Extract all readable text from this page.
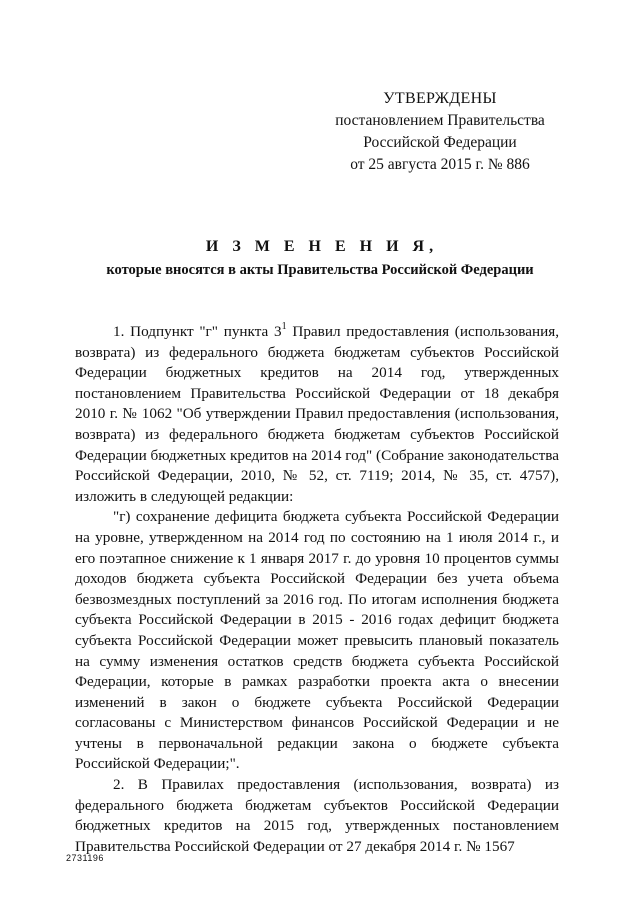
УТВЕРЖДЕНЫ
постановлением Правительства
Российской Федерации
от 25 августа 2015 г. № 886
И З М Е Н Е Н И Я,
которые вносятся в акты Правительства Российской Федерации

1. Подпункт "г" пункта $3^1$ Правил предоставления (использования, возврата) из федерального бюджета бюджетам субъектов Российской Федерации бюджетных кредитов на 2014 год, утвержденных постановлением Правительства Российской Федерации от 18 декабря 2010 г. № 1062 "Об утверждении Правил предоставления (использования, возврата) из федерального бюджета бюджетам субъектов Российской Федерации бюджетных кредитов на 2014 год" (Собрание законодательства Российской Федерации, 2010, № 52, ст. 7119; 2014, № 35, ст. 4757), изложить в следующей редакции:

"г) сохранение дефицита бюджета субъекта Российской Федерации на уровне, утвержденном на 2014 год по состоянию на 1 июля 2014 г., и его поэтапное снижение к 1 января 2017 г. до уровня 10 процентов суммы доходов бюджета субъекта Российской Федерации без учета объема безвозмездных поступлений за 2016 год. По итогам исполнения бюджета субъекта Российской Федерации в 2015 - 2016 годах дефицит бюджета субъекта Российской Федерации может превысить плановый показатель на сумму изменения остатков средств бюджета субъекта Российской Федерации, которые в рамках разработки проекта акта о внесении изменений в закон о бюджете субъекта Российской Федерации согласованы с Министерством финансов Российской Федерации и не учтены в первоначальной редакции закона о бюджете субъекта Российской Федерации;".

2. В Правилах предоставления (использования, возврата) из федерального бюджета бюджетам субъектов Российской Федерации бюджетных кредитов на 2015 год, утвержденных постановлением Правительства Российской Федерации от 27 декабря 2014 г. № 1567

2731196
